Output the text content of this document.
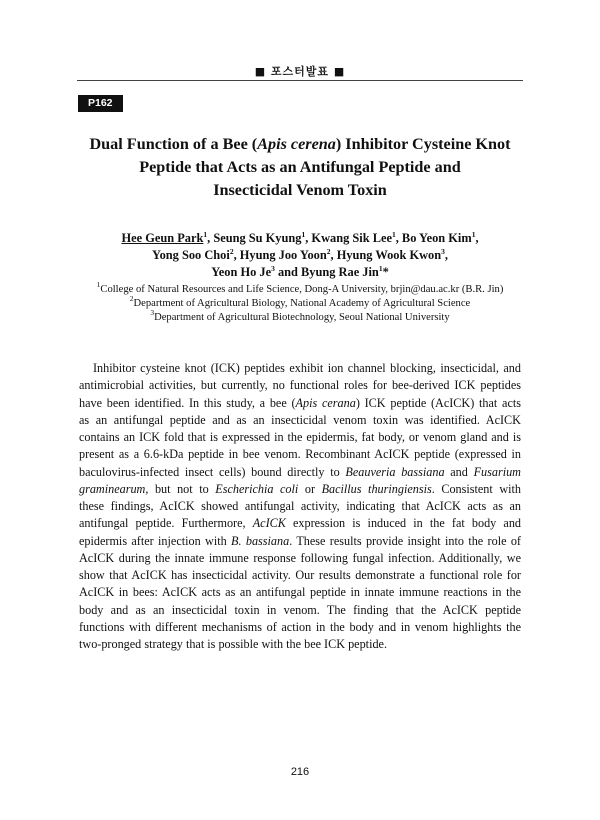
■ 포스터발표 ■
P162
Dual Function of a Bee (Apis cerena) Inhibitor Cysteine Knot
Peptide that Acts as an Antifungal Peptide and
Insecticidal Venom Toxin
Hee Geun Park$^1$, Seung Su Kyung$^1$, Kwang Sik Lee$^1$, Bo Yeon Kim$^1$,
Yong Soo Choi$^2$, Hyung Joo Yoon$^2$, Hyung Wook Kwon$^3$,
Yeon Ho Je$^3$ and Byung Rae Jin$^1$*
$^1$College of Natural Resources and Life Science, Dong-A University, brjin@dau.ac.kr (B.R. Jin)
$^2$Department of Agricultural Biology, National Academy of Agricultural Science
$^3$Department of Agricultural Biotechnology, Seoul National University
Inhibitor cysteine knot (ICK) peptides exhibit ion channel blocking, insecticidal, and
antimicrobial activities, but currently, no functional roles for bee-derived ICK peptides
have been identified. In this study, a bee (Apis cerana) ICK peptide (AcICK) that acts
as an antifungal peptide and as an insecticidal venom toxin was identified. AcICK
contains an ICK fold that is expressed in the epidermis, fat body, or venom gland and is
present as a 6.6-kDa peptide in bee venom. Recombinant AcICK peptide (expressed in
baculovirus-infected insect cells) bound directly to Beauveria bassiana and Fusarium
graminearum, but not to Escherichia coli or Bacillus thuringiensis. Consistent with
these findings, AcICK showed antifungal activity, indicating that AcICK acts as an
antifungal peptide. Furthermore, AcICK expression is induced in the fat body and
epidermis after injection with B. bassiana. These results provide insight into the role of
AcICK during the innate immune response following fungal infection. Additionally, we
show that AcICK has insecticidal activity. Our results demonstrate a functional role for
AcICK in bees: AcICK acts as an antifungal peptide in innate immune reactions in the
body and as an insecticidal toxin in venom. The finding that the AcICK peptide
functions with different mechanisms of action in the body and in venom highlights the
two-pronged strategy that is possible with the bee ICK peptide.
216
